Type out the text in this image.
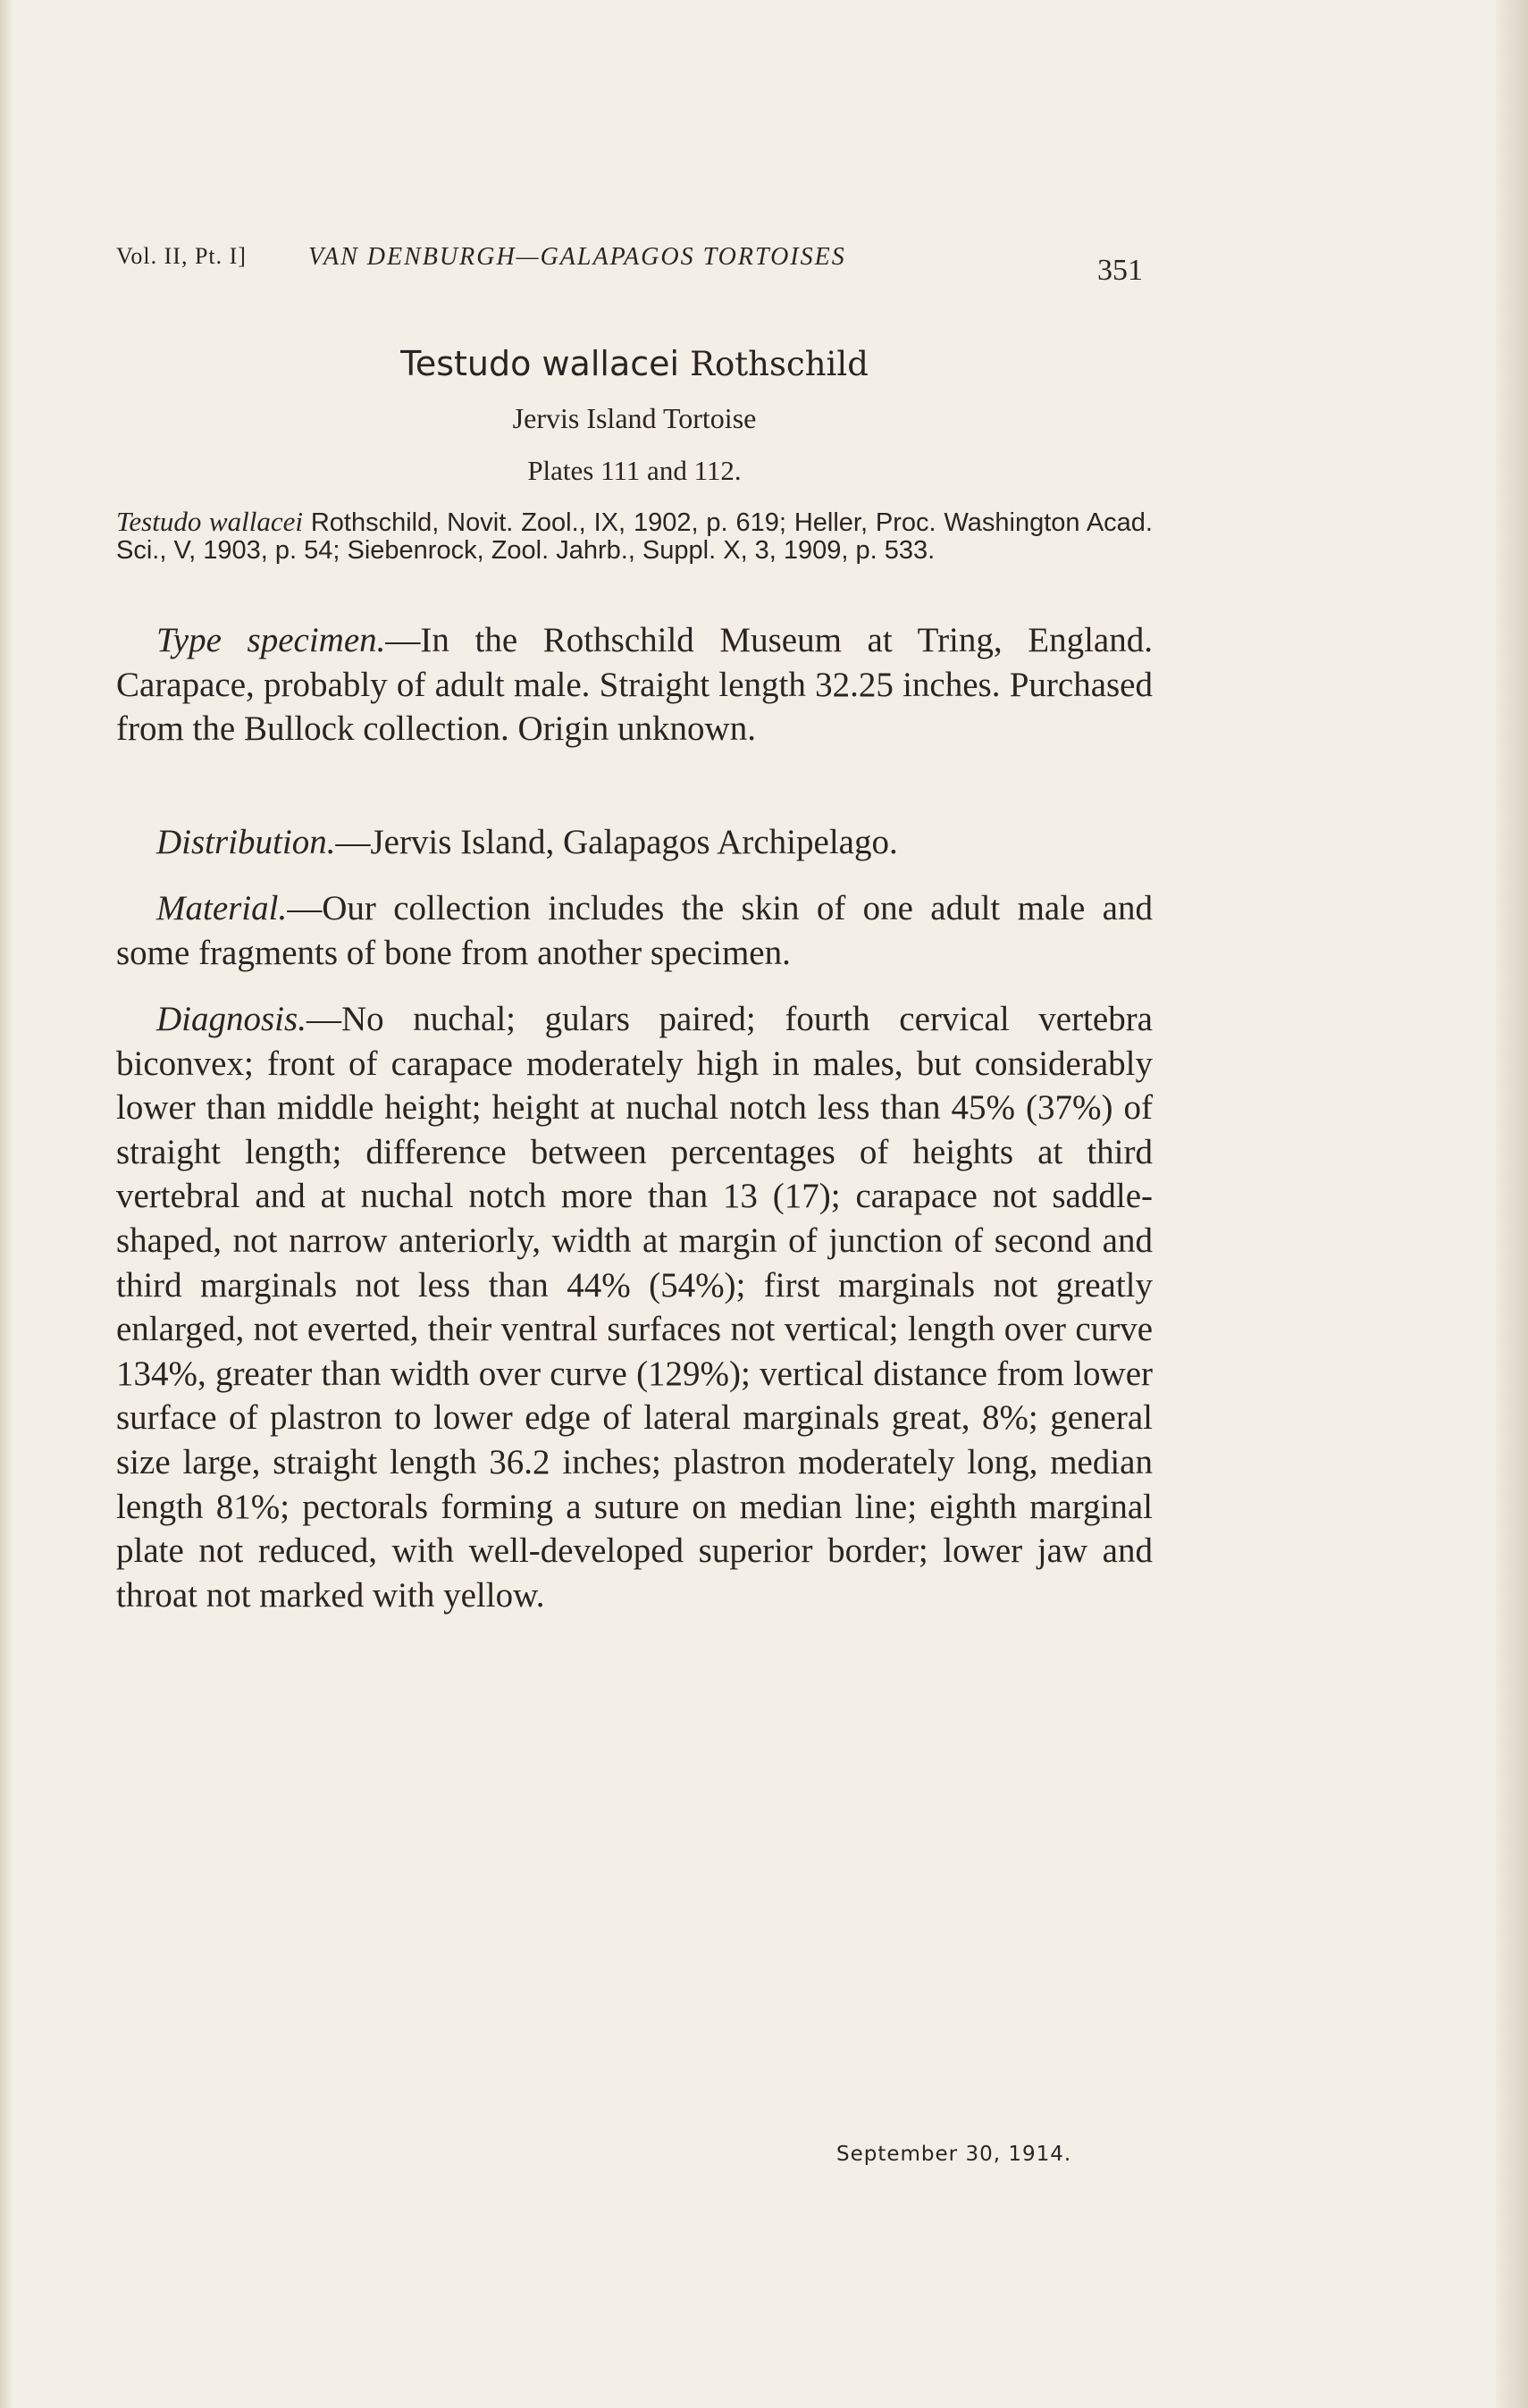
Vol. II, Pt. I] VAN DENBURGH—GALAPAGOS TORTOISES	351
Testudo wallacei Rothschild
Jervis Island Tortoise
Plates 111 and 112.
Testudo wallacei Rothschild, Novit. Zool., IX, 1902, p. 619; Heller, Proc. Washington Acad. Sci., V, 1903, p. 54; Siebenrock, Zool. Jahrb., Suppl. X, 3, 1909, p. 533.
Type specimen.—In the Rothschild Museum at Tring, England. Carapace, probably of adult male. Straight length 32.25 inches. Purchased from the Bullock collection. Origin unknown.
Distribution.—Jervis Island, Galapagos Archipelago.
Material.—Our collection includes the skin of one adult male and some fragments of bone from another specimen.
Diagnosis.—No nuchal; gulars paired; fourth cervical vertebra biconvex; front of carapace moderately high in males, but considerably lower than middle height; height at nuchal notch less than 45% (37%) of straight length; difference between percentages of heights at third vertebral and at nuchal notch more than 13 (17); carapace not saddle-shaped, not narrow anteriorly, width at margin of junction of second and third marginals not less than 44% (54%); first marginals not greatly enlarged, not everted, their ventral surfaces not vertical; length over curve 134%, greater than width over curve (129%); vertical distance from lower surface of plastron to lower edge of lateral marginals great, 8%; general size large, straight length 36.2 inches; plastron moderately long, median length 81%; pectorals forming a suture on median line; eighth marginal plate not reduced, with well-developed superior border; lower jaw and throat not marked with yellow.
September 30, 1914.
